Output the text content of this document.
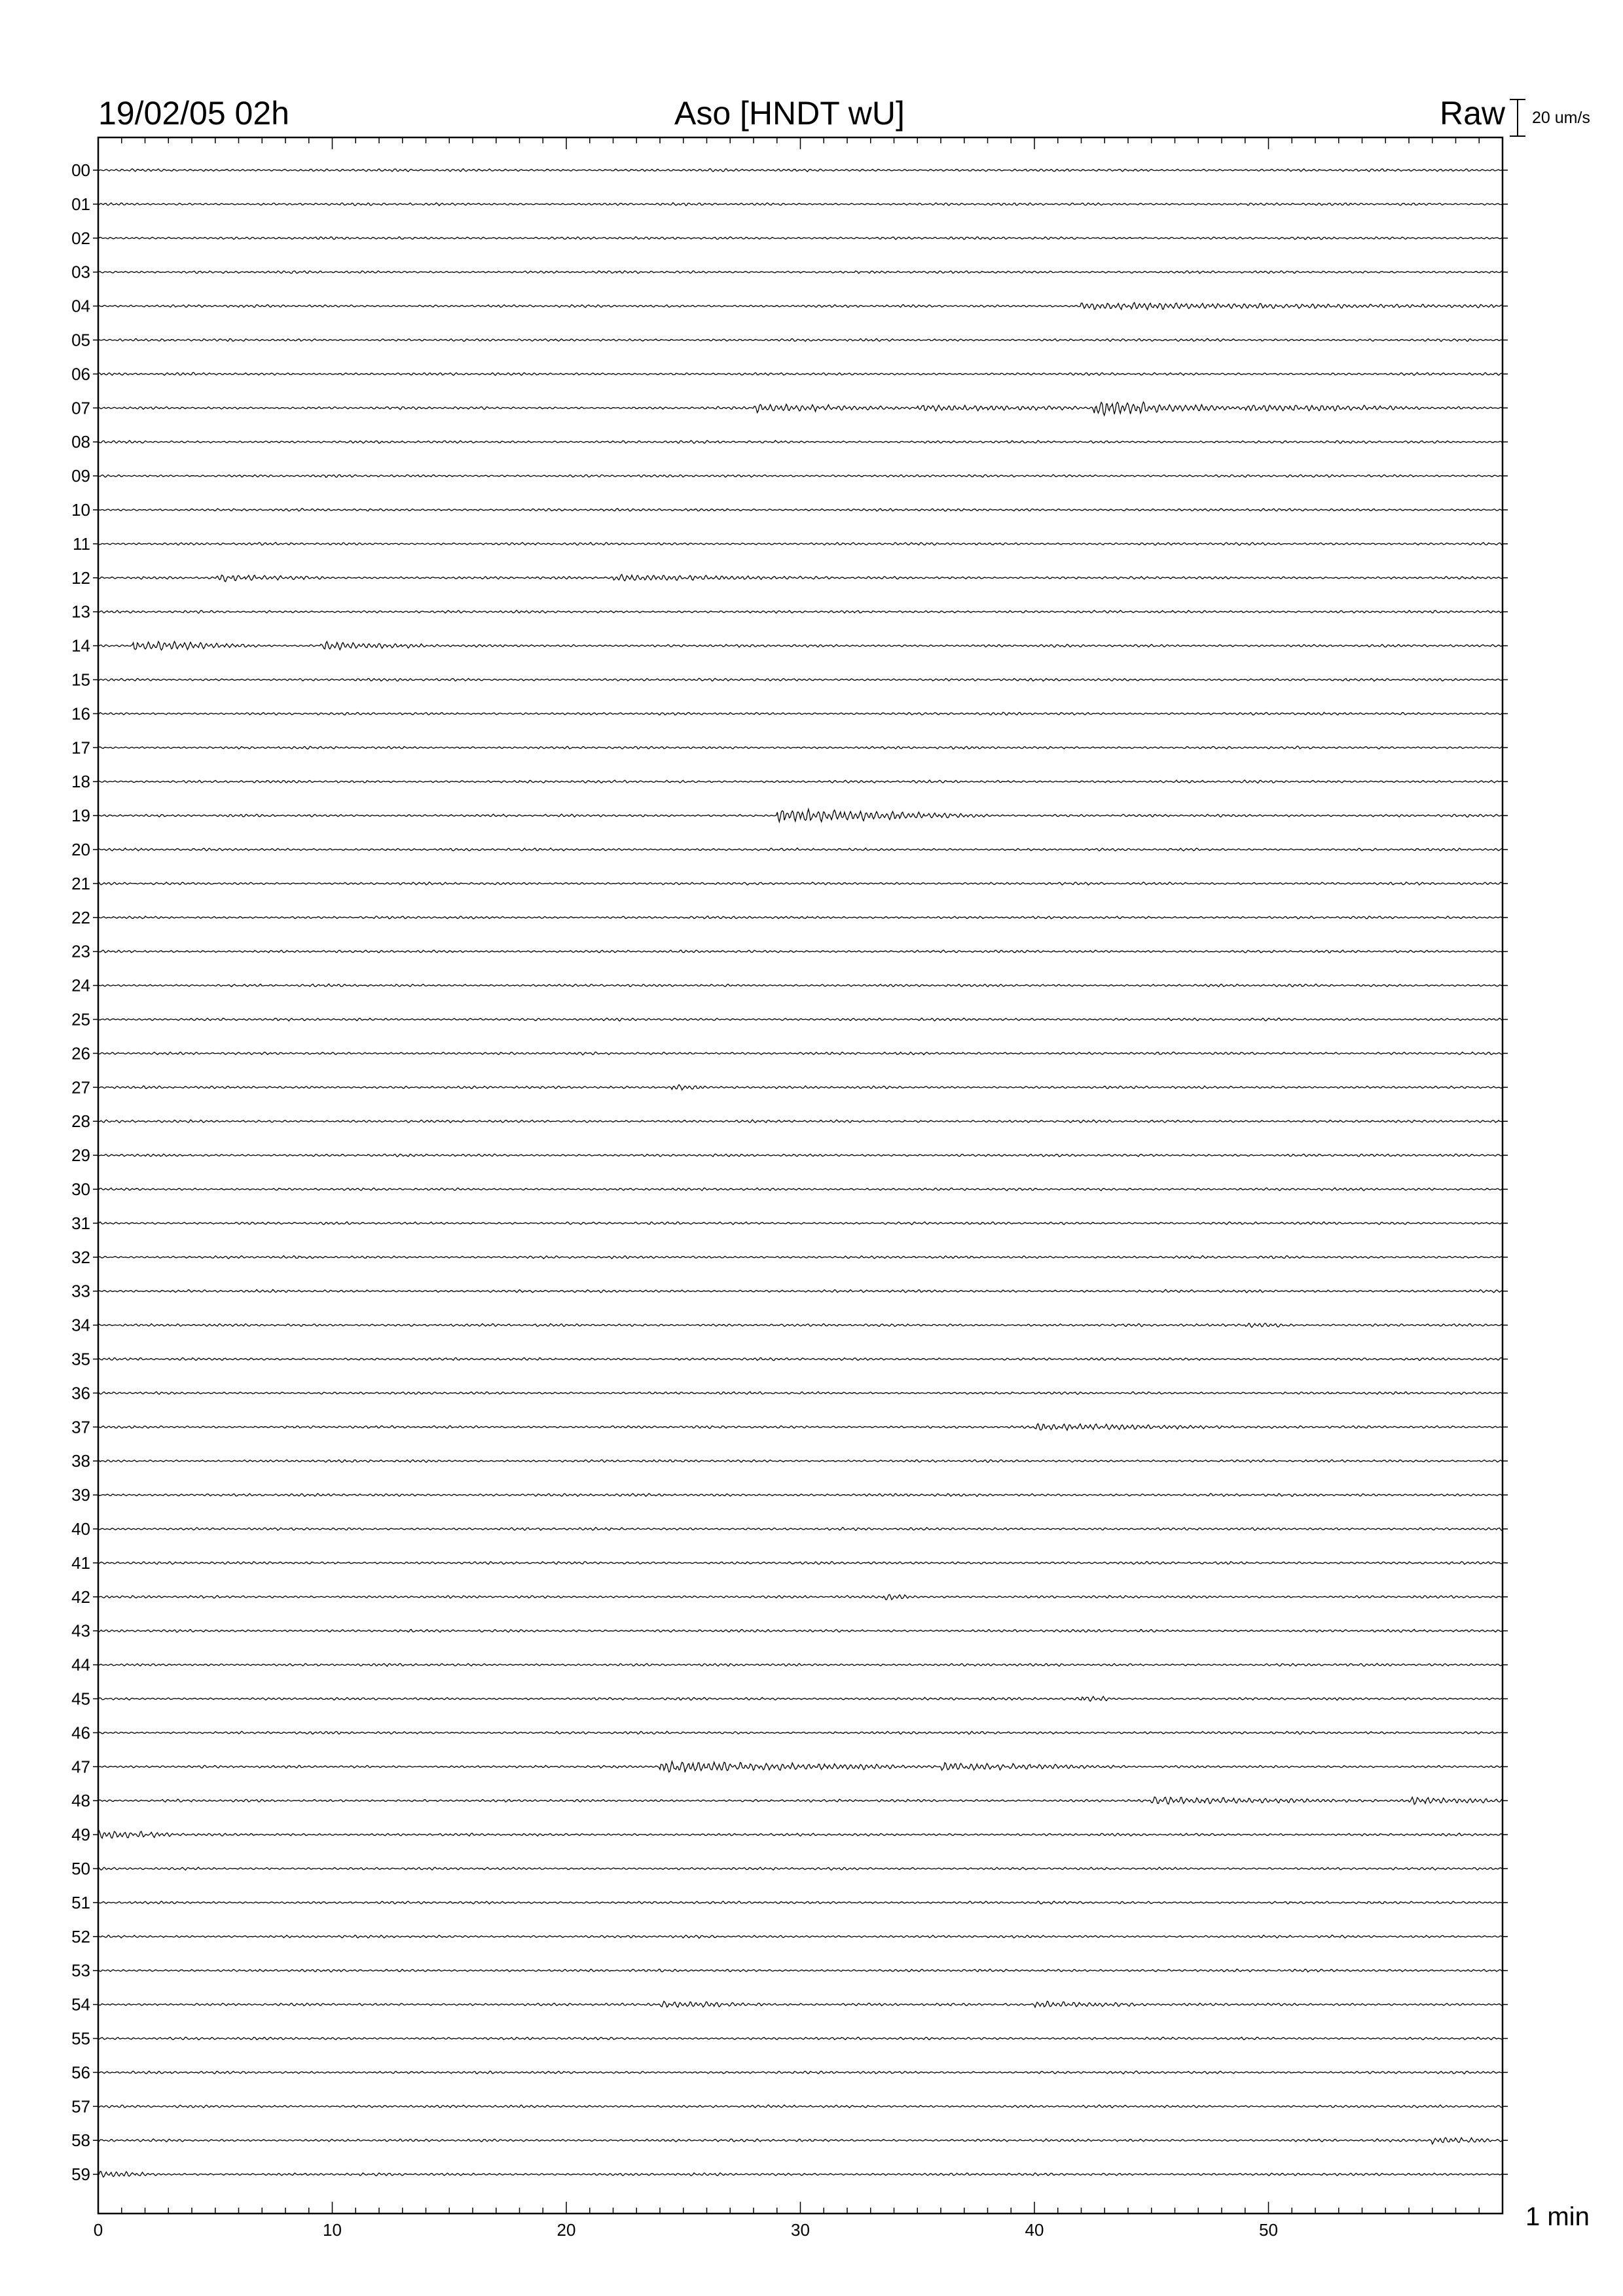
19/02/05 02h	Aso [HNDT wU]	Raw
00
01
02
03
04
05
06
07
08
09
10
11
12
13
14
15
16
17
18
19
20
21
22
23
24
25
26
27
28
29
30
31
32
33
34
35
36
37
38
39
40
41
42
43
44
45
46
47
48
49
50
51
52
53
54
55
56
57
58
59
0	10	20	30	40	50
20 um/s
1 min
